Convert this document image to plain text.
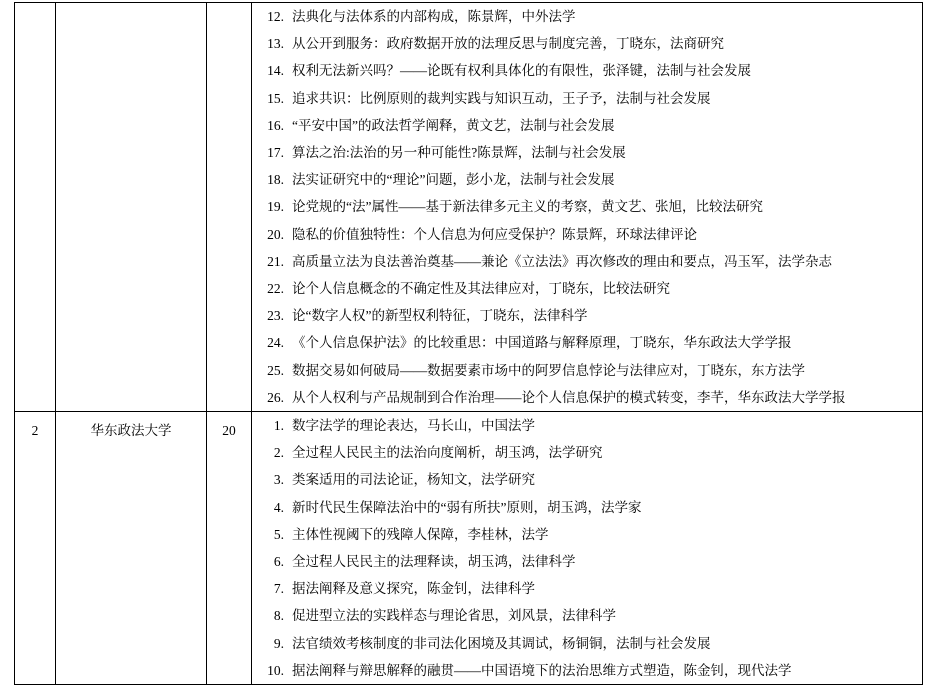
12. 法典化与法体系的内部构成，陈景辉，中外法学
13. 从公开到服务：政府数据开放的法理反思与制度完善，丁晓东，法商研究
14. 权利无法新兴吗？——论既有权利具体化的有限性，张泽键，法制与社会发展
15. 追求共识：比例原则的裁判实践与知识互动，王子予，法制与社会发展
16. “平安中国”的政法哲学阐释，黄文艺，法制与社会发展
17. 算法之治:法治的另一种可能性?陈景辉，法制与社会发展
18. 法实证研究中的“理论”问题，彭小龙，法制与社会发展
19. 论党规的“法”属性——基于新法律多元主义的考察，黄文艺、张旭，比较法研究
20. 隐私的价值独特性：个人信息为何应受保护？陈景辉，环球法律评论
21. 高质量立法为良法善治奠基——兼论《立法法》再次修改的理由和要点，冯玉军，法学杂志
22. 论个人信息概念的不确定性及其法律应对，丁晓东，比较法研究
23. 论“数字人权”的新型权利特征，丁晓东，法律科学
24. 《个人信息保护法》的比较重思：中国道路与解释原理，丁晓东，华东政法大学学报
25. 数据交易如何破局——数据要素市场中的阿罗信息悖论与法律应对，丁晓东，东方法学
26. 从个人权利与产品规制到合作治理——论个人信息保护的模式转变，李芊，华东政法大学学报

2	华东政法大学	20	1. 数字法学的理论表达，马长山，中国法学
2. 全过程人民民主的法治向度阐析，胡玉鸿，法学研究
3. 类案适用的司法论证，杨知文，法学研究
4. 新时代民生保障法治中的“弱有所扶”原则，胡玉鸿，法学家
5. 主体性视阈下的残障人保障，李桂林，法学
6. 全过程人民民主的法理释读，胡玉鸿，法律科学
7. 据法阐释及意义探究，陈金钊，法律科学
8. 促进型立法的实践样态与理论省思，刘风景，法律科学
9. 法官绩效考核制度的非司法化困境及其调试，杨铜铜，法制与社会发展
10. 据法阐释与辩思解释的融贯——中国语境下的法治思维方式塑造，陈金钊，现代法学
